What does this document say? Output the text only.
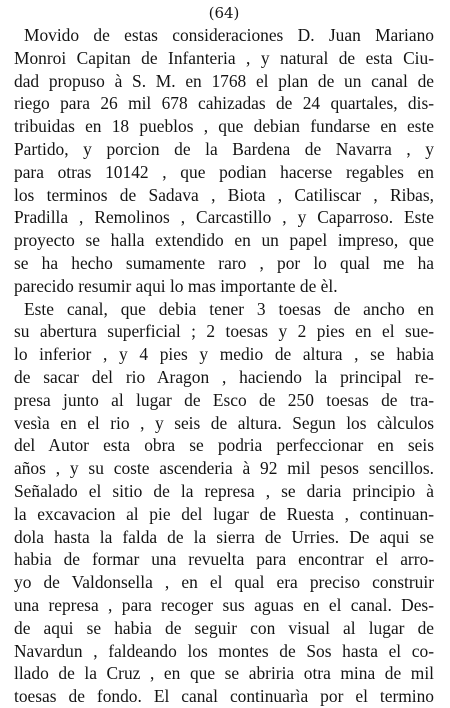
(64)
Movido de estas consideraciones D. Juan Mariano
Monroi Capitan de Infanteria , y natural de esta Ciu-
dad propuso à S. M. en 1768 el plan de un canal de
riego para 26 mil 678 cahizadas de 24 quartales, dis-
tribuidas en 18 pueblos , que debian fundarse en este
Partido, y porcion de la Bardena de Navarra , y
para otras 10142 , que podian hacerse regables en
los terminos de Sadava , Biota , Catiliscar , Ribas,
Pradilla , Remolinos , Carcastillo , y Caparroso. Este
proyecto se halla extendido en un papel impreso, que
se ha hecho sumamente raro , por lo qual me ha
parecido resumir aqui lo mas importante de èl.
Este canal, que debia tener 3 toesas de ancho en
su abertura superficial ; 2 toesas y 2 pies en el sue-
lo inferior , y 4 pies y medio de altura , se habia
de sacar del rio Aragon , haciendo la principal re-
presa junto al lugar de Esco de 250 toesas de tra-
vesìa en el rio , y seis de altura. Segun los càlculos
del Autor esta obra se podria perfeccionar en seis
años , y su coste ascenderia à 92 mil pesos sencillos.
Señalado el sitio de la represa , se daria principio à
la excavacion al pie del lugar de Ruesta , continuan-
dola hasta la falda de la sierra de Urries. De aqui se
habia de formar una revuelta para encontrar el arro-
yo de Valdonsella , en el qual era preciso construir
una represa , para recoger sus aguas en el canal. Des-
de aqui se habia de seguir con visual al lugar de
Navardun , faldeando los montes de Sos hasta el co-
llado de la Cruz , en que se abriria otra mina de mil
toesas de fondo. El canal continuarìa por el termino
